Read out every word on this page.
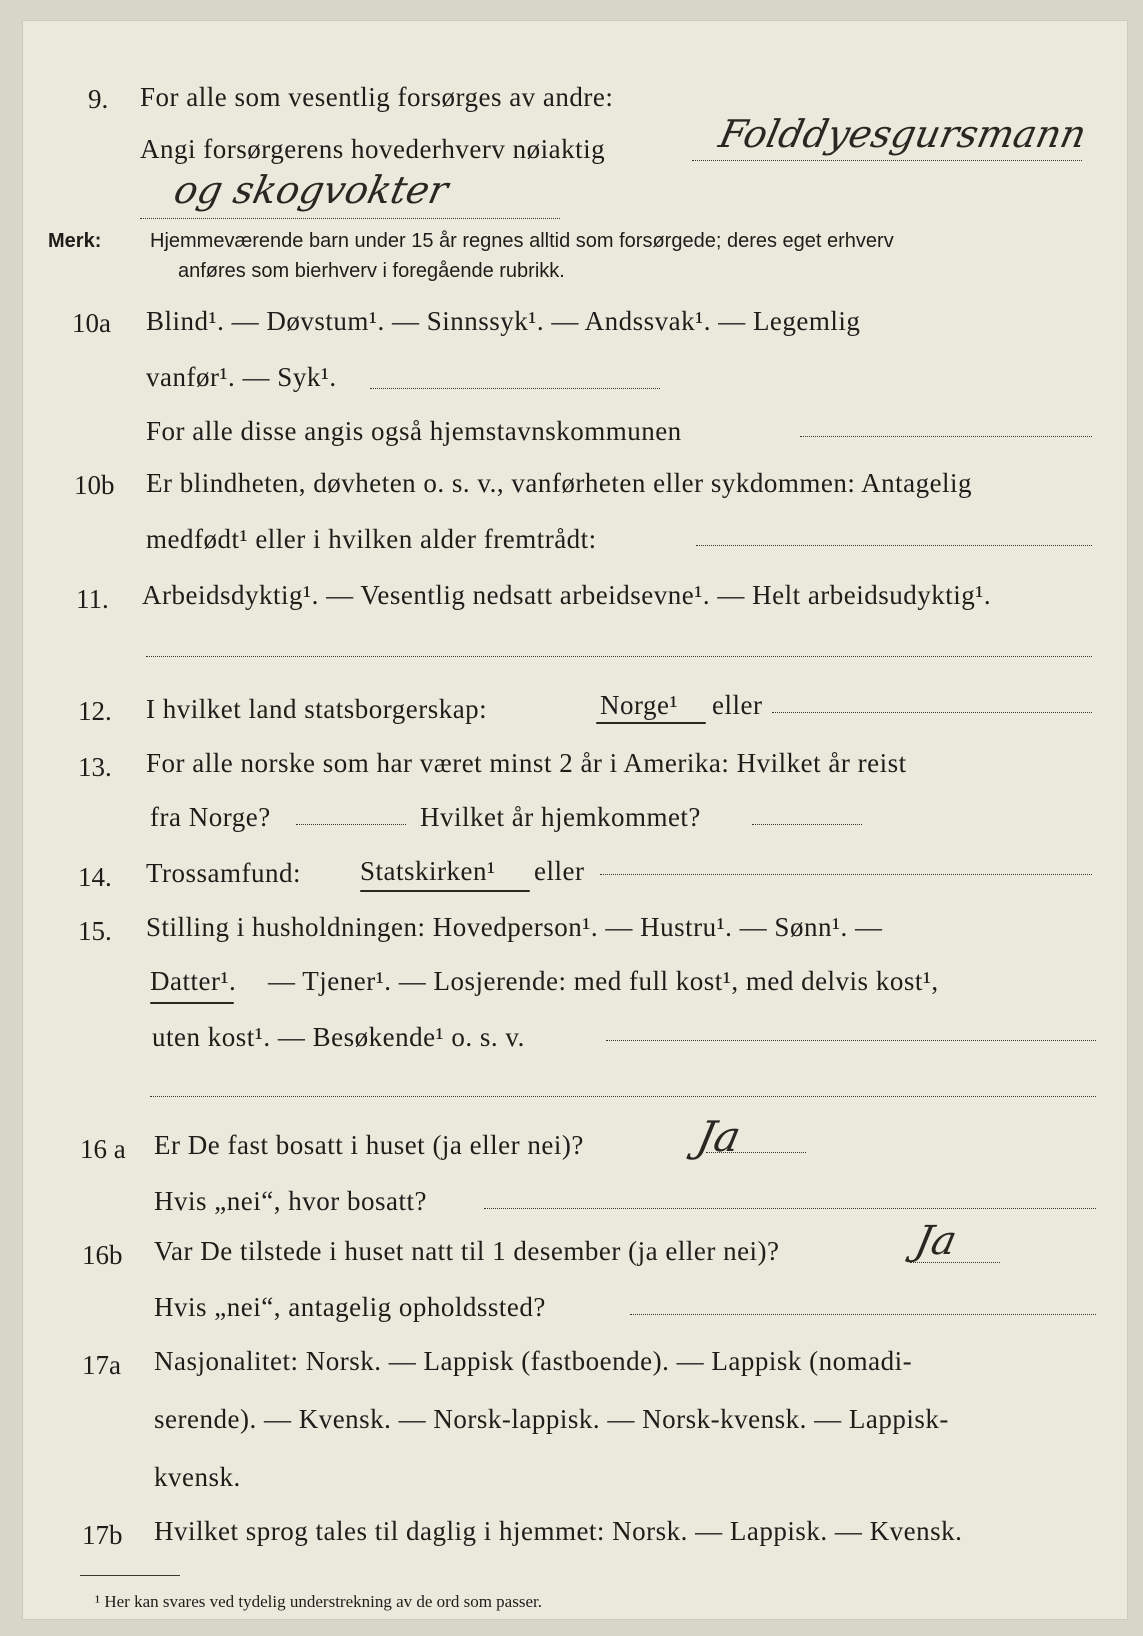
9.	For alle som vesentlig forsørges av andre:
Angi forsørgerens hovederhverv nøiaktig	Folddyesgursmann
og skogvokter
Merk: Hjemmeværende barn under 15 år regnes alltid som forsørgede; deres eget erhverv
anføres som bierhverv i foregående rubrikk.
10a	Blind¹. — Døvstum¹. — Sinnssyk¹. — Andssvak¹. — Legemlig
vanfør¹. — Syk¹.
For alle disse angis også hjemstavnskommunen
10b	Er blindheten, døvheten o. s. v., vanførheten eller sykdommen: Antagelig
medfødt¹ eller i hvilken alder fremtrådt:
11.	Arbeidsdyktig¹. — Vesentlig nedsatt arbeidsevne¹. — Helt arbeidsudyktig¹.
12.	I hvilket land statsborgerskap:	Norge¹ eller
13.	For alle norske som har været minst 2 år i Amerika: Hvilket år reist
fra Norge?	Hvilket år hjemkommet?
14.	Trossamfund: Statskirken¹ eller
15.	Stilling i husholdningen: Hovedperson¹. — Hustru¹. — Sønn¹. —
Datter¹. — Tjener¹. — Losjerende: med full kost¹, med delvis kost¹,
uten kost¹. — Besøkende¹ o. s. v.
16 a	Er De fast bosatt i huset (ja eller nei)?	Ja
Hvis „nei“, hvor bosatt?
16b	Var De tilstede i huset natt til 1 desember (ja eller nei)?	Ja
Hvis „nei“, antagelig opholdssted?
17a	Nasjonalitet: Norsk. — Lappisk (fastboende). — Lappisk (nomadi-
serende). — Kvensk. — Norsk-lappisk. — Norsk-kvensk. — Lappisk-
kvensk.
17b	Hvilket sprog tales til daglig i hjemmet: Norsk. — Lappisk. — Kvensk.
¹ Her kan svares ved tydelig understrekning av de ord som passer.
